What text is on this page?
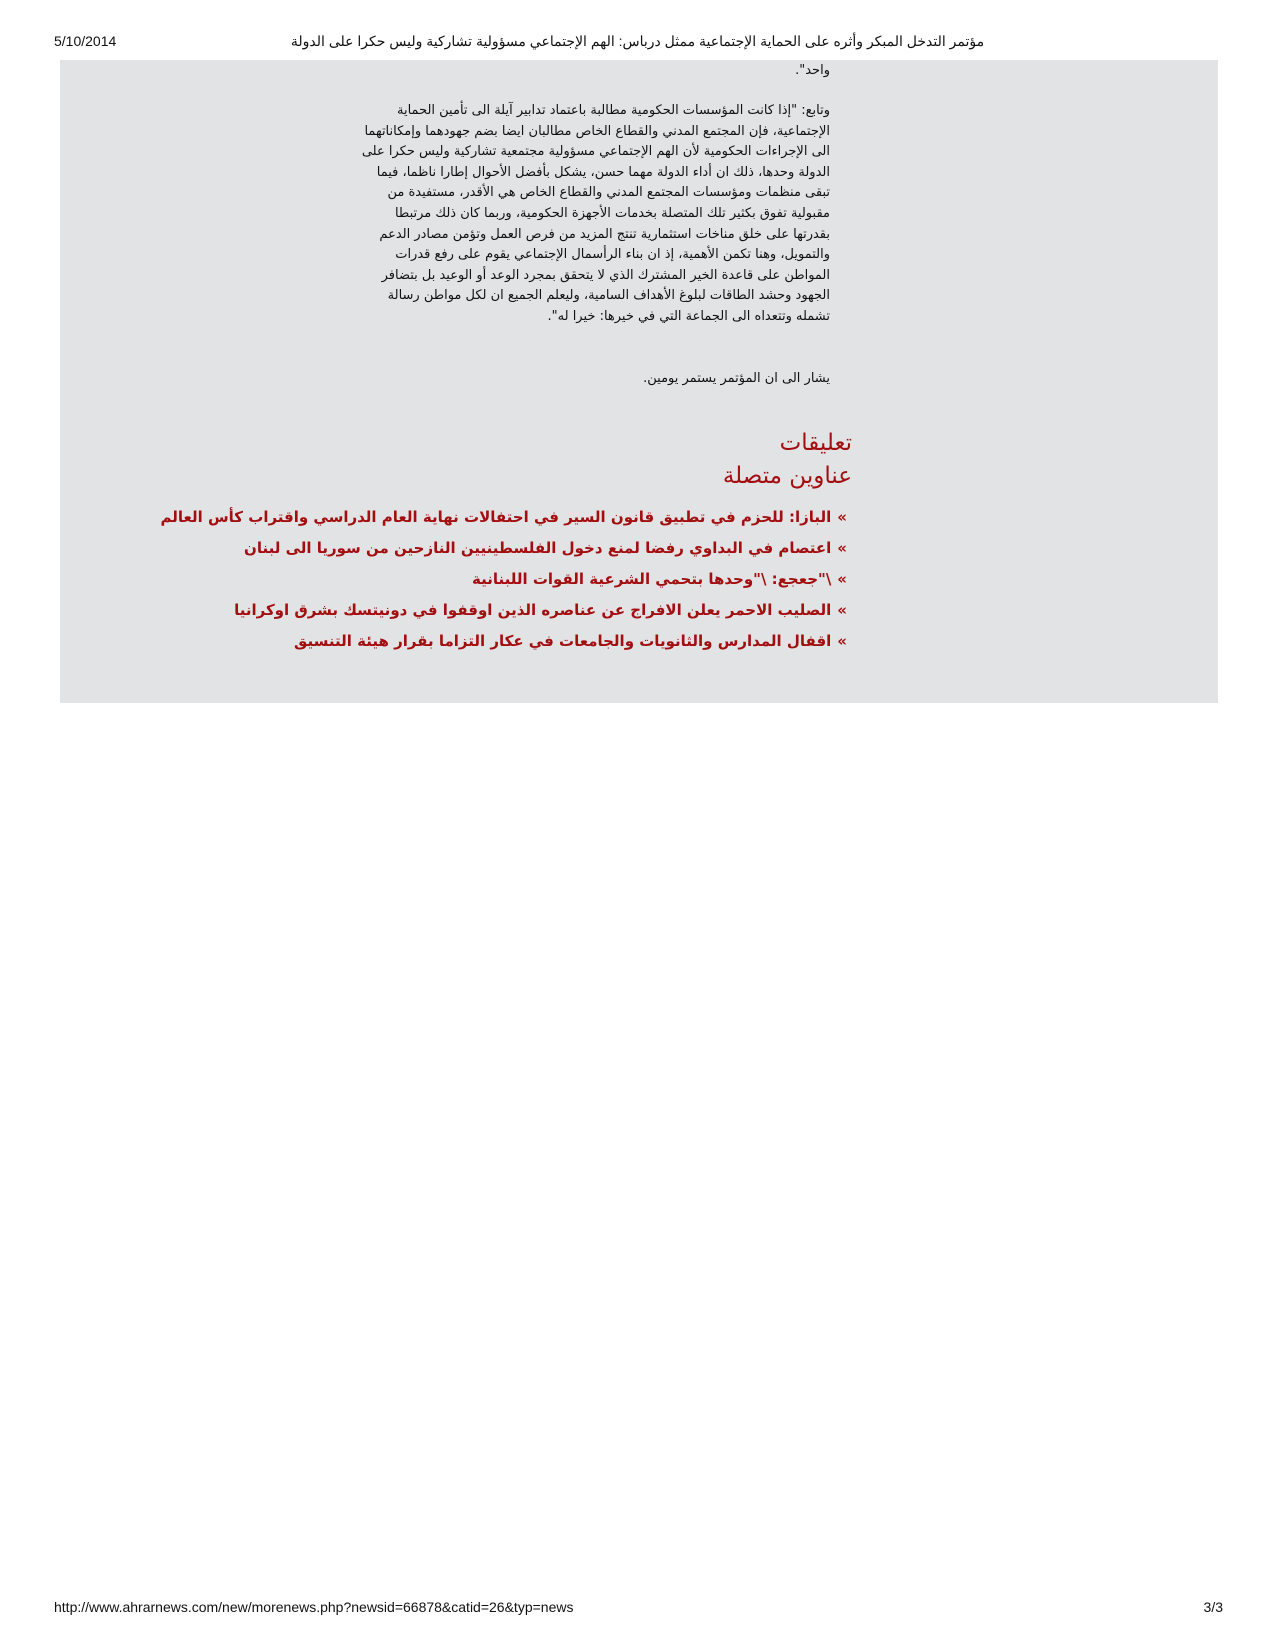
5/10/2014	مؤتمر التدخل المبكر وأثره على الحماية الإجتماعية ممثل درباس: الهم الإجتماعي مسؤولية تشاركية وليس حكرا على الدولة
واحد".
وتابع: "إذا كانت المؤسسات الحكومية مطالبة باعتماد تدابير آيلة الى تأمين الحماية الإجتماعية، فإن المجتمع المدني والقطاع الخاص مطالبان ايضا بضم جهودهما وإمكاناتهما الى الإجراءات الحكومية لأن الهم الإجتماعي مسؤولية مجتمعية تشاركية وليس حكرا على الدولة وحدها، ذلك ان أداء الدولة مهما حسن، يشكل بأفضل الأحوال إطارا ناظما، فيما تبقى منظمات ومؤسسات المجتمع المدني والقطاع الخاص هي الأقدر، مستفيدة من مقبولية تفوق بكثير تلك المتصلة بخدمات الأجهزة الحكومية، وربما كان ذلك مرتبطا بقدرتها على خلق مناخات استثمارية تنتج المزيد من فرص العمل وتؤمن مصادر الدعم والتمويل، وهنا تكمن الأهمية، إذ ان بناء الرأسمال الإجتماعي يقوم على رفع قدرات المواطن على قاعدة الخير المشترك الذي لا يتحقق بمجرد الوعد أو الوعيد بل بتضافر الجهود وحشد الطاقات لبلوغ الأهداف السامية، وليعلم الجميع ان لكل مواطن رسالة تشمله وتتعداه الى الجماعة التي في خيرها: خيرا له".
يشار الى ان المؤتمر يستمر يومين.
تعليقات
عناوين متصلة
»البازا: للحزم في تطبيق قانون السير في احتفالات نهاية العام الدراسي واقتراب كأس العالم
»اعتصام في البداوي رفضا لمنع دخول الفلسطينيين النازحين من سوريا الى لبنان
»\"جعجع: \"وحدها بتحمي الشرعية القوات اللبنانية
»الصليب الاحمر يعلن الافراج عن عناصره الذين اوقفوا في دونيتسك بشرق اوكرانيا
»اقفال المدارس والثانويات والجامعات في عكار التزاما بقرار هيئة التنسيق
http://www.ahrarnews.com/new/morenews.php?newsid=66878&catid=26&typ=news	3/3
